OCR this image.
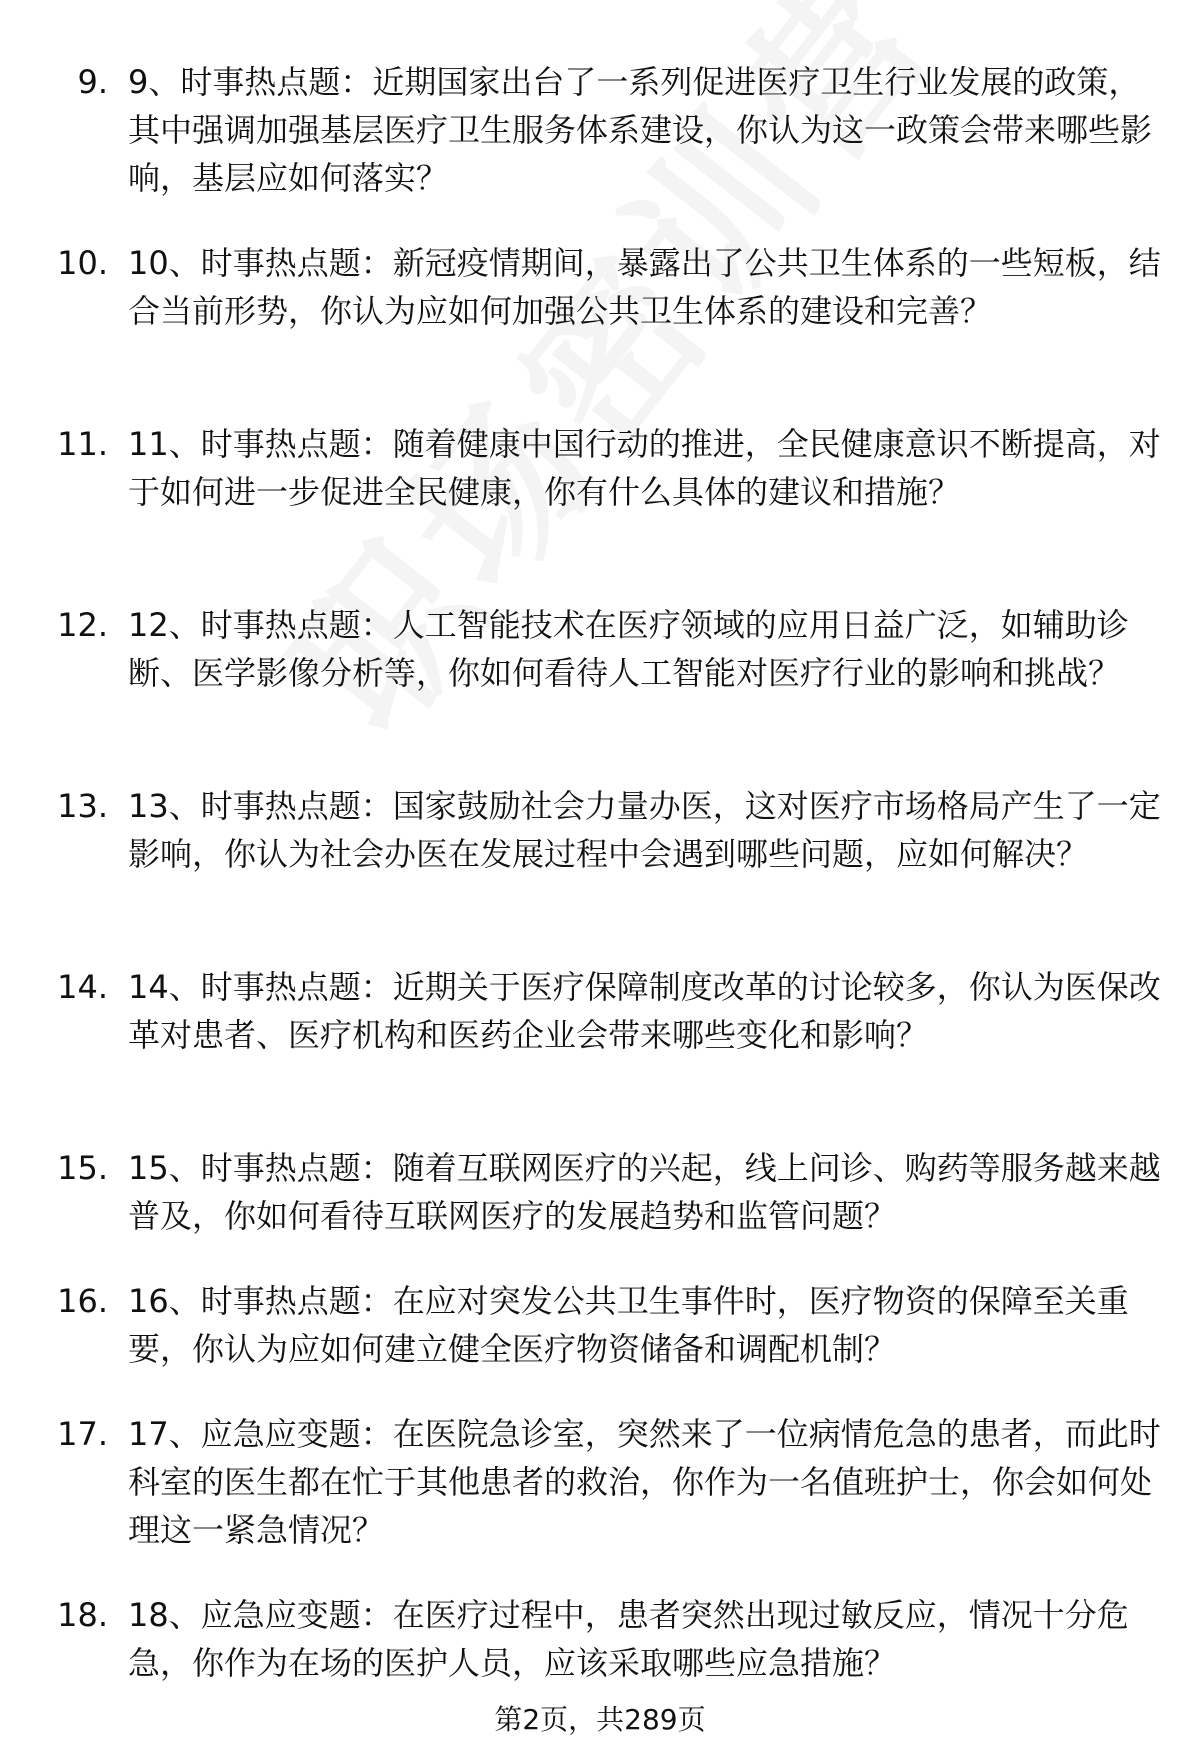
9. 9、时事热点题：近期国家出台了一系列促进医疗卫生行业发展的政策，其中强调加强基层医疗卫生服务体系建设，你认为这一政策会带来哪些影响，基层应如何落实？

10. 10、时事热点题：新冠疫情期间，暴露出了公共卫生体系的一些短板，结合当前形势，你认为应如何加强公共卫生体系的建设和完善？

11. 11、时事热点题：随着健康中国行动的推进，全民健康意识不断提高，对于如何进一步促进全民健康，你有什么具体的建议和措施？

12. 12、时事热点题：人工智能技术在医疗领域的应用日益广泛，如辅助诊断、医学影像分析等，你如何看待人工智能对医疗行业的影响和挑战？

13. 13、时事热点题：国家鼓励社会力量办医，这对医疗市场格局产生了一定影响，你认为社会办医在发展过程中会遇到哪些问题，应如何解决？

14. 14、时事热点题：近期关于医疗保障制度改革的讨论较多，你认为医保改革对患者、医疗机构和医药企业会带来哪些变化和影响？

15. 15、时事热点题：随着互联网医疗的兴起，线上问诊、购药等服务越来越普及，你如何看待互联网医疗的发展趋势和监管问题？

16. 16、时事热点题：在应对突发公共卫生事件时，医疗物资的保障至关重要，你认为应如何建立健全医疗物资储备和调配机制？

17. 17、应急应变题：在医院急诊室，突然来了一位病情危急的患者，而此时科室的医生都在忙于其他患者的救治，你作为一名值班护士，你会如何处理这一紧急情况？

18. 18、应急应变题：在医疗过程中，患者突然出现过敏反应，情况十分危急，你作为在场的医护人员，应该采取哪些应急措施？

第2页，共289页
